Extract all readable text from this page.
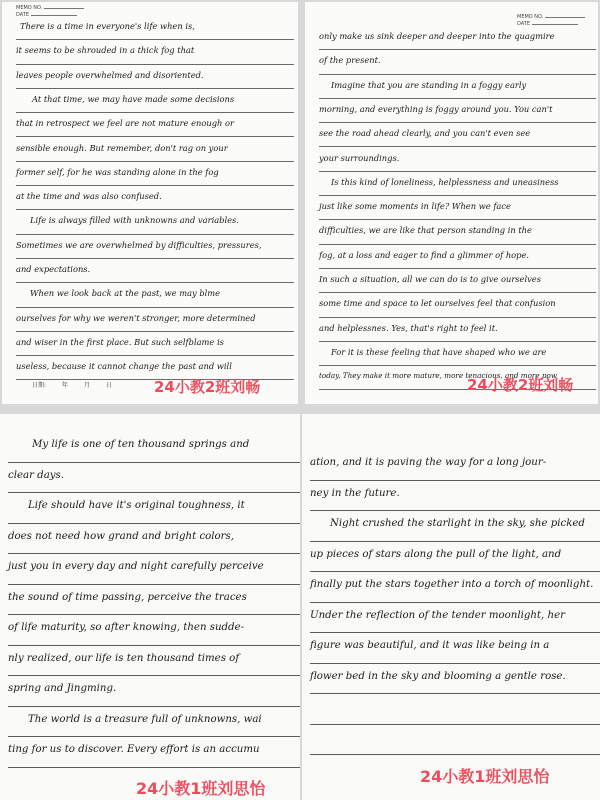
MEMO NO.
DATE
There is a time in everyone's life when is,
it seems to be shrouded in a thick fog that
leaves people overwhelmed and disoriented.
At that time, we may have made some decisions
that in retrospect we feel are not mature enough or
sensible enough. But remember, don't rag on your
former self, for he was standing alone in the fog
at the time and was also confused.
Life is always filled with unknowns and variables.
Sometimes we are overwhelmed by difficulties, pressures,
and expectations.
When we look back at the past, we may blme
ourselves for why we weren't stronger, more determined
and wiser in the first place. But such selfblame is
useless, because it cannot change the past and will
日期: 年 月 日	24小教2班刘畅
MEMO NO.
DATE
only make us sink deeper and deeper into the quagmire
of the present.
Imagine that you are standing in a foggy early
morning, and everything is foggy around you. You can't
see the road ahead clearly, and you can't even see
your surroundings.
Is this kind of loneliness, helplessness and uneasiness
just like some moments in life? When we face
difficulties, we are like that person standing in the
fog, at a loss and eager to find a glimmer of hope.
In such a situation, all we can do is to give ourselves
some time and space to let ourselves feel that confusion
and helplessnes. Yes, that's right to feel it.
For it is these feeling that have shaped who we are
today. They make it more mature, more tenacious, and more pow
24小教2班刘畅
My life is one of ten thousand springs and
clear days.
Life should have it's original toughness, it
does not need how grand and bright colors,
just you in every day and night carefully perceive
the sound of time passing, perceive the traces
of life maturity, so after knowing, then sudde-
nly realized, our life is ten thousand times of
spring and Jingming.
The world is a treasure full of unknowns, wai
ting for us to discover. Every effort is an accumu
24小教1班刘思怡
ation, and it is paving the way for a long jour-
ney in the future.
Night crushed the starlight in the sky, she picked
up pieces of stars along the pull of the light, and
finally put the stars together into a torch of moonlight.
Under the reflection of the tender moonlight, her
figure was beautiful, and it was like being in a
flower bed in the sky and blooming a gentle rose.
24小教1班刘思怡
